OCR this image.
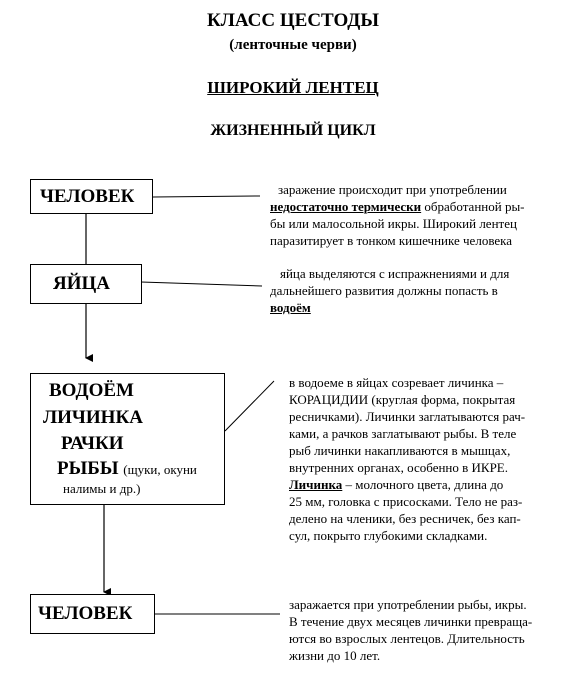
КЛАСС ЦЕСТОДЫ
(ленточные черви)
ШИРОКИЙ ЛЕНТЕЦ
ЖИЗНЕННЫЙ ЦИКЛ
ЧЕЛОВЕК
ЯЙЦА
ВОДОЁМ
ЛИЧИНКА
РАЧКИ
РЫБЫ (щуки, окуни
налимы и др.)
ЧЕЛОВЕК
заражение происходит при употреблении
недостаточно термически обработанной ры-
бы или малосольной икры. Широкий лентец
паразитирует в тонком кишечнике человека
яйца выделяются с испражнениями и для
дальнейшего развития должны попасть в
водоём
в водоеме в яйцах созревает личинка –
КОРАЦИДИИ (круглая форма, покрытая
ресничками). Личинки заглатываются рач-
ками, а рачков заглатывают рыбы. В теле
рыб личинки накапливаются в мышцах,
внутренних органах, особенно в ИКРЕ.
Личинка – молочного цвета, длина до
25 мм, головка с присосками. Тело не раз-
делено на членики, без ресничек, без кап-
сул, покрыто глубокими складками.
заражается при употреблении рыбы, икры.
В течение двух месяцев личинки превраща-
ются во взрослых лентецов. Длительность
жизни до 10 лет.
